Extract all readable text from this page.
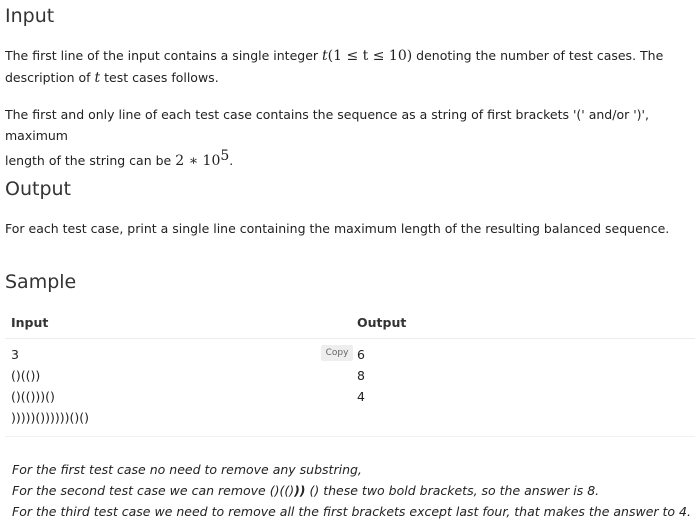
Input

The first line of the input contains a single integer t(1 ≤ t ≤ 10) denoting the number of test cases. The
description of t test cases follows.

The first and only line of each test case contains the sequence as a string of first brackets '(' and/or ')', maximum
length of the string can be 2 ∗ $10^5$.

Output

For each test case, print a single line containing the maximum length of the resulting balanced sequence.

Sample
Input	Output
Copy
3
()(())
()(()))()
)))))())))))()()
6
8
4
For the first test case no need to remove any substring,
For the second test case we can remove ()(())) () these two bold brackets, so the answer is 8.
For the third test case we need to remove all the first brackets except last four, that makes the answer to 4.
